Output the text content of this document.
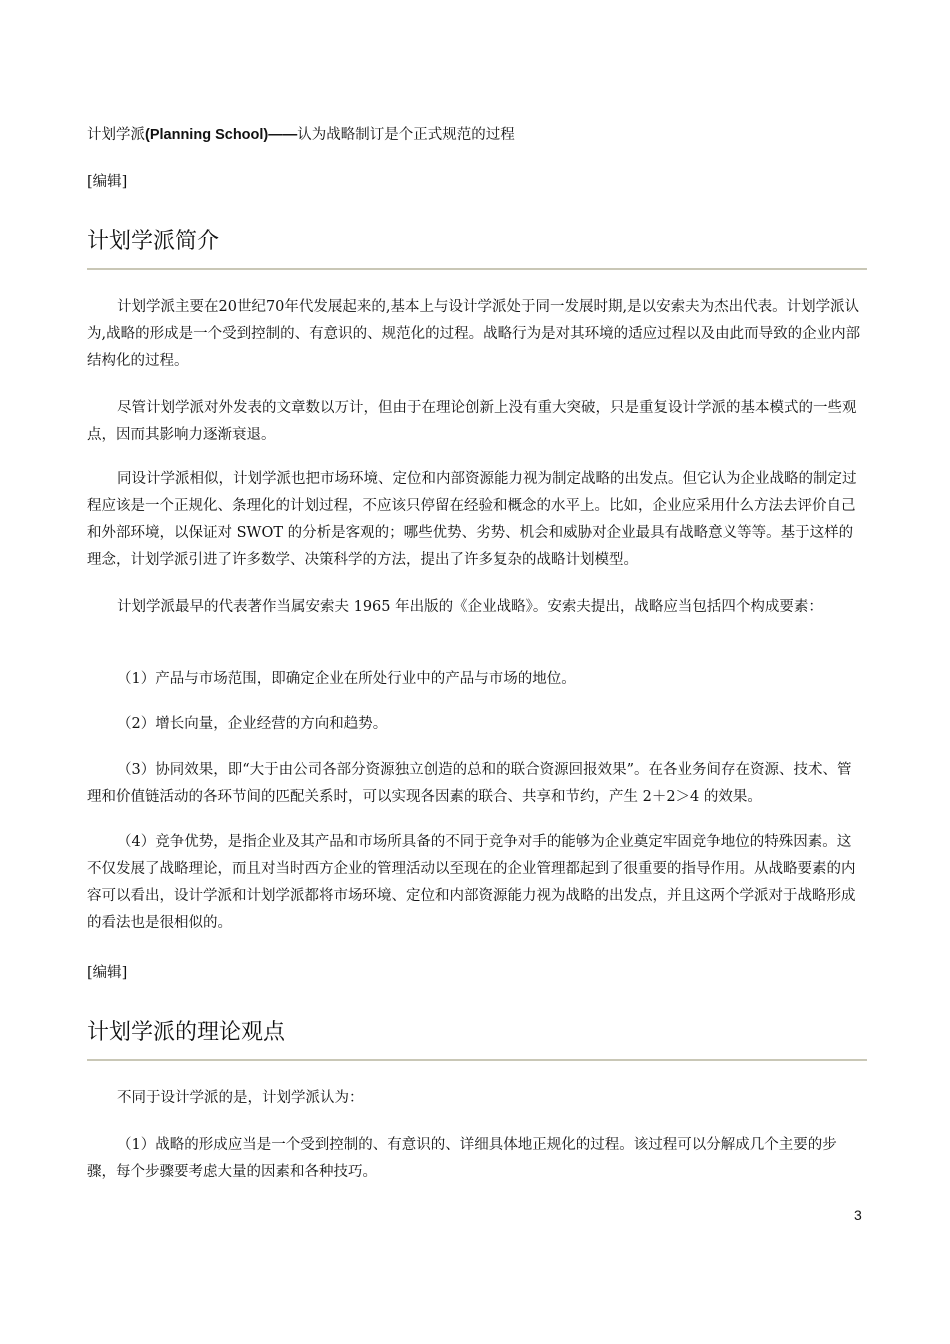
计划学派(Planning School)——认为战略制订是个正式规范的过程

[编辑]

计划学派简介

计划学派主要在20世纪70年代发展起来的,基本上与设计学派处于同一发展时期,是以安索夫为杰出代表。计划学派认为,战略的形成是一个受到控制的、有意识的、规范化的过程。战略行为是对其环境的适应过程以及由此而导致的企业内部结构化的过程。

尽管计划学派对外发表的文章数以万计，但由于在理论创新上没有重大突破，只是重复设计学派的基本模式的一些观点，因而其影响力逐渐衰退。

同设计学派相似，计划学派也把市场环境、定位和内部资源能力视为制定战略的出发点。但它认为企业战略的制定过程应该是一个正规化、条理化的计划过程，不应该只停留在经验和概念的水平上。比如，企业应采用什么方法去评价自己和外部环境，以保证对 SWOT 的分析是客观的；哪些优势、劣势、机会和威胁对企业最具有战略意义等等。基于这样的理念，计划学派引进了许多数学、决策科学的方法，提出了许多复杂的战略计划模型。

计划学派最早的代表著作当属安索夫 1965 年出版的《企业战略》。安索夫提出，战略应当包括四个构成要素：

（1）产品与市场范围，即确定企业在所处行业中的产品与市场的地位。

（2）增长向量，企业经营的方向和趋势。

（3）协同效果，即“大于由公司各部分资源独立创造的总和的联合资源回报效果”。在各业务间存在资源、技术、管理和价值链活动的各环节间的匹配关系时，可以实现各因素的联合、共享和节约，产生 2＋2＞4 的效果。

（4）竞争优势，是指企业及其产品和市场所具备的不同于竞争对手的能够为企业奠定牢固竞争地位的特殊因素。这不仅发展了战略理论，而且对当时西方企业的管理活动以至现在的企业管理都起到了很重要的指导作用。从战略要素的内容可以看出，设计学派和计划学派都将市场环境、定位和内部资源能力视为战略的出发点，并且这两个学派对于战略形成的看法也是很相似的。

[编辑]

计划学派的理论观点

不同于设计学派的是，计划学派认为：

（1）战略的形成应当是一个受到控制的、有意识的、详细具体地正规化的过程。该过程可以分解成几个主要的步骤，每个步骤要考虑大量的因素和各种技巧。

3
